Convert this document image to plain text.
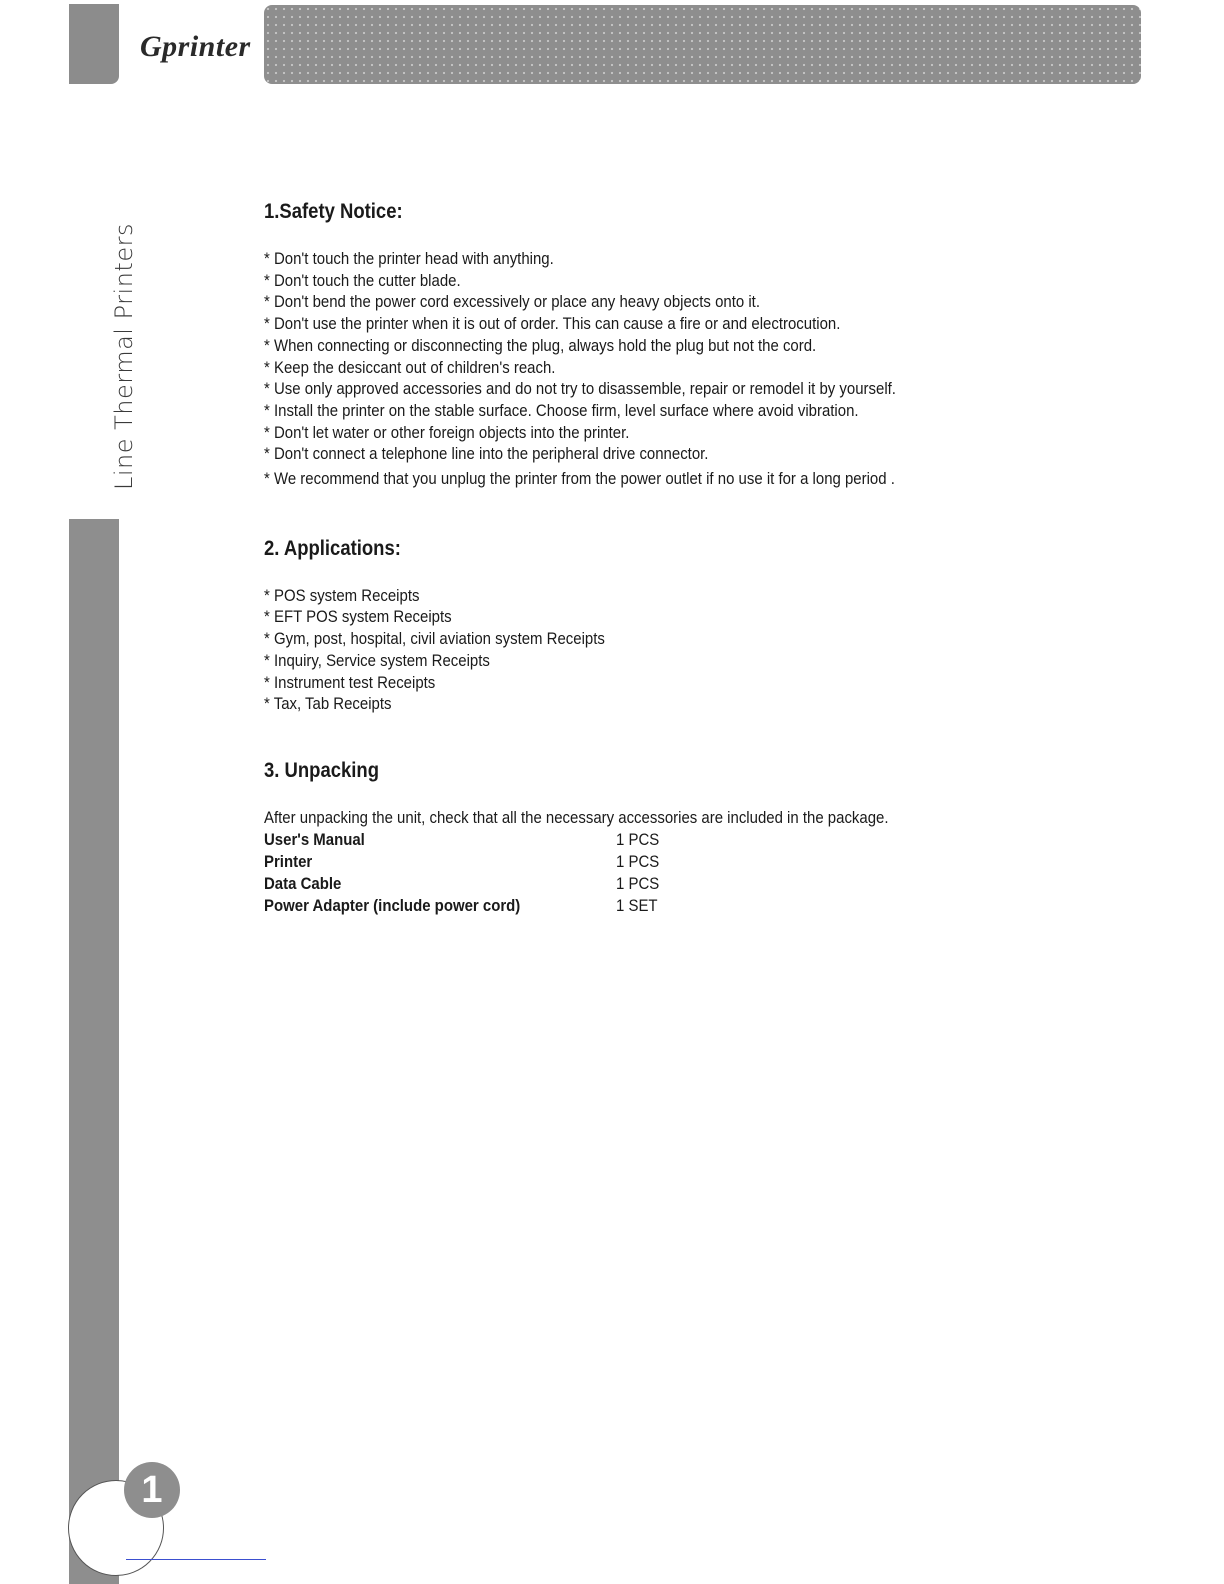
Gprinter
Line Thermal Printers
1
1.Safety Notice:
* Don't touch the printer head with anything.
* Don't touch the cutter blade.
* Don't bend the power cord excessively or place any heavy objects onto it.
* Don't use the printer when it is out of order. This can cause a fire or and electrocution.
* When connecting or disconnecting the plug, always hold the plug but not the cord.
* Keep the desiccant out of children's reach.
* Use only approved accessories and do not try to disassemble, repair or remodel it by yourself.
* Install the printer on the stable surface. Choose firm, level surface where avoid vibration.
* Don't let water or other foreign objects into the printer.
* Don't connect a telephone line into the peripheral drive connector.
* We recommend that you unplug the printer from the power outlet if no use it for a long period .
2. Applications:
* POS system Receipts
* EFT POS system Receipts
* Gym, post, hospital, civil aviation system Receipts
* Inquiry, Service system Receipts
* Instrument test Receipts
* Tax, Tab Receipts
3. Unpacking
After unpacking the unit, check that all the necessary accessories are included in the package.
User's Manual	1 PCS
Printer	1 PCS
Data Cable	1 PCS
Power Adapter (include power cord)	1 SET
